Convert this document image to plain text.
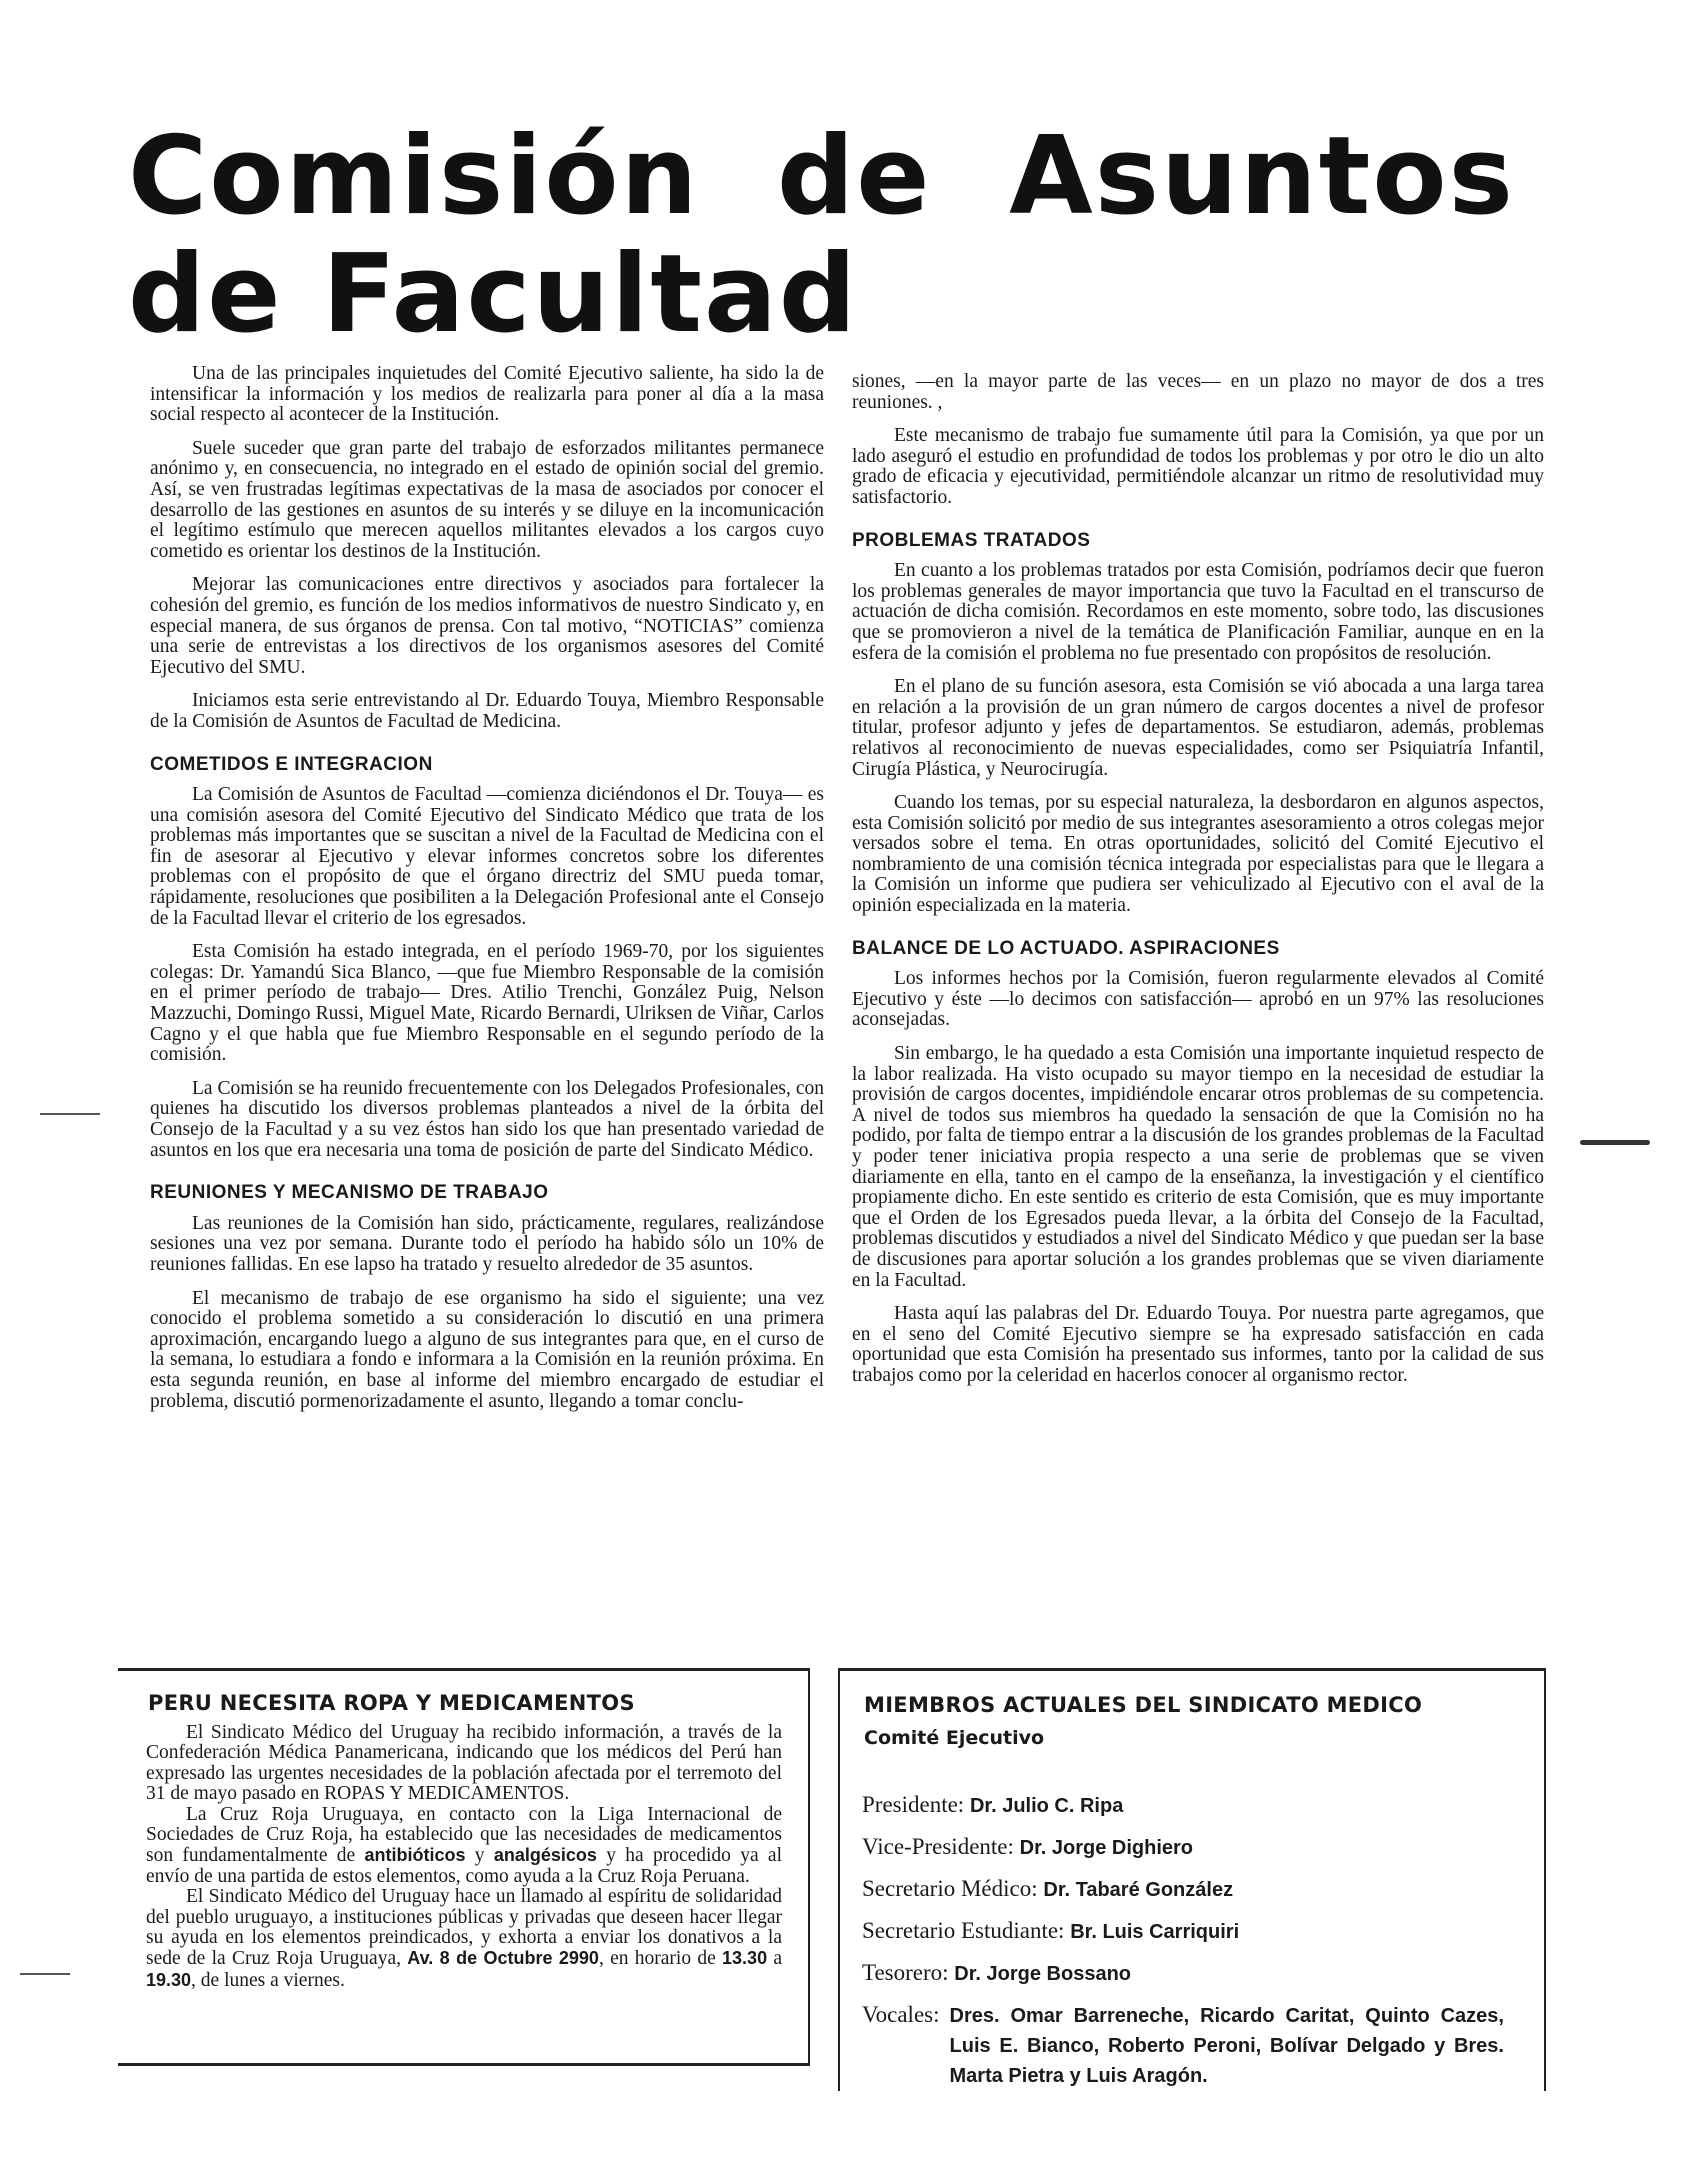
Comisión de Asuntos
de Facultad

Una de las principales inquietudes del Comité Ejecutivo saliente, ha sido la de intensificar la información y los medios de realizarla para poner al día a la masa social respecto al acontecer de la Institución.

Suele suceder que gran parte del trabajo de esforzados militantes permanece anónimo y, en consecuencia, no integrado en el estado de opinión social del gremio. Así, se ven frustradas legítimas expectativas de la masa de asociados por conocer el desarrollo de las gestiones en asuntos de su interés y se diluye en la incomunicación el legítimo estímulo que merecen aquellos militantes elevados a los cargos cuyo cometido es orientar los destinos de la Institución.

Mejorar las comunicaciones entre directivos y asociados para fortalecer la cohesión del gremio, es función de los medios informativos de nuestro Sindicato y, en especial manera, de sus órganos de prensa. Con tal motivo, “NOTICIAS” comienza una serie de entrevistas a los directivos de los organismos asesores del Comité Ejecutivo del SMU.

Iniciamos esta serie entrevistando al Dr. Eduardo Touya, Miembro Responsable de la Comisión de Asuntos de Facultad de Medicina.

COMETIDOS E INTEGRACION

La Comisión de Asuntos de Facultad —comienza diciéndonos el Dr. Touya— es una comisión asesora del Comité Ejecutivo del Sindicato Médico que trata de los problemas más importantes que se suscitan a nivel de la Facultad de Medicina con el fin de asesorar al Ejecutivo y elevar informes concretos sobre los diferentes problemas con el propósito de que el órgano directriz del SMU pueda tomar, rápidamente, resoluciones que posibiliten a la Delegación Profesional ante el Consejo de la Facultad llevar el criterio de los egresados.

Esta Comisión ha estado integrada, en el período 1969-70, por los siguientes colegas: Dr. Yamandú Sica Blanco, —que fue Miembro Responsable de la comisión en el primer período de trabajo— Dres. Atilio Trenchi, González Puig, Nelson Mazzuchi, Domingo Russi, Miguel Mate, Ricardo Bernardi, Ulriksen de Viñar, Carlos Cagno y el que habla que fue Miembro Responsable en el segundo período de la comisión.

La Comisión se ha reunido frecuentemente con los Delegados Profesionales, con quienes ha discutido los diversos problemas planteados a nivel de la órbita del Consejo de la Facultad y a su vez éstos han sido los que han presentado variedad de asuntos en los que era necesaria una toma de posición de parte del Sindicato Médico.

REUNIONES Y MECANISMO DE TRABAJO

Las reuniones de la Comisión han sido, prácticamente, regulares, realizándose sesiones una vez por semana. Durante todo el período ha habido sólo un 10% de reuniones fallidas. En ese lapso ha tratado y resuelto alrededor de 35 asuntos.

El mecanismo de trabajo de ese organismo ha sido el siguiente; una vez conocido el problema sometido a su consideración lo discutió en una primera aproximación, encargando luego a alguno de sus integrantes para que, en el curso de la semana, lo estudiara a fondo e informara a la Comisión en la reunión próxima. En esta segunda reunión, en base al informe del miembro encargado de estudiar el problema, discutió pormenorizadamente el asunto, llegando a tomar conclu-

siones, —en la mayor parte de las veces— en un plazo no mayor de dos a tres reuniones. ,

Este mecanismo de trabajo fue sumamente útil para la Comisión, ya que por un lado aseguró el estudio en profundidad de todos los problemas y por otro le dio un alto grado de eficacia y ejecutividad, permitiéndole alcanzar un ritmo de resolutividad muy satisfactorio.

PROBLEMAS TRATADOS

En cuanto a los problemas tratados por esta Comisión, podríamos decir que fueron los problemas generales de mayor importancia que tuvo la Facultad en el transcurso de actuación de dicha comisión. Recordamos en este momento, sobre todo, las discusiones que se promovieron a nivel de la temática de Planificación Familiar, aunque en en la esfera de la comisión el problema no fue presentado con propósitos de resolución.

En el plano de su función asesora, esta Comisión se vió abocada a una larga tarea en relación a la provisión de un gran número de cargos docentes a nivel de profesor titular, profesor adjunto y jefes de departamentos. Se estudiaron, además, problemas relativos al reconocimiento de nuevas especialidades, como ser Psiquiatría Infantil, Cirugía Plástica, y Neurocirugía.

Cuando los temas, por su especial naturaleza, la desbordaron en algunos aspectos, esta Comisión solicitó por medio de sus integrantes asesoramiento a otros colegas mejor versados sobre el tema. En otras oportunidades, solicitó del Comité Ejecutivo el nombramiento de una comisión técnica integrada por especialistas para que le llegara a la Comisión un informe que pudiera ser vehiculizado al Ejecutivo con el aval de la opinión especializada en la materia.

BALANCE DE LO ACTUADO. ASPIRACIONES

Los informes hechos por la Comisión, fueron regularmente elevados al Comité Ejecutivo y éste —lo decimos con satisfacción— aprobó en un 97% las resoluciones aconsejadas.

Sin embargo, le ha quedado a esta Comisión una importante inquietud respecto de la labor realizada. Ha visto ocupado su mayor tiempo en la necesidad de estudiar la provisión de cargos docentes, impidiéndole encarar otros problemas de su competencia. A nivel de todos sus miembros ha quedado la sensación de que la Comisión no ha podido, por falta de tiempo entrar a la discusión de los grandes problemas de la Facultad y poder tener iniciativa propia respecto a una serie de problemas que se viven diariamente en ella, tanto en el campo de la enseñanza, la investigación y el científico propiamente dicho. En este sentido es criterio de esta Comisión, que es muy importante que el Orden de los Egresados pueda llevar, a la órbita del Consejo de la Facultad, problemas discutidos y estudiados a nivel del Sindicato Médico y que puedan ser la base de discusiones para aportar solución a los grandes problemas que se viven diariamente en la Facultad.

Hasta aquí las palabras del Dr. Eduardo Touya. Por nuestra parte agregamos, que en el seno del Comité Ejecutivo siempre se ha expresado satisfacción en cada oportunidad que esta Comisión ha presentado sus informes, tanto por la calidad de sus trabajos como por la celeridad en hacerlos conocer al organismo rector.

PERU NECESITA ROPA Y MEDICAMENTOS

El Sindicato Médico del Uruguay ha recibido información, a través de la Confederación Médica Panamericana, indicando que los médicos del Perú han expresado las urgentes necesidades de la población afectada por el terremoto del 31 de mayo pasado en ROPAS Y MEDICAMENTOS.

La Cruz Roja Uruguaya, en contacto con la Liga Internacional de Sociedades de Cruz Roja, ha establecido que las necesidades de medicamentos son fundamentalmente de antibióticos y analgésicos y ha procedido ya al envío de una partida de estos elementos, como ayuda a la Cruz Roja Peruana.

El Sindicato Médico del Uruguay hace un llamado al espíritu de solidaridad del pueblo uruguayo, a instituciones públicas y privadas que deseen hacer llegar su ayuda en los elementos preindicados, y exhorta a enviar los donativos a la sede de la Cruz Roja Uruguaya, Av. 8 de Octubre 2990, en horario de 13.30 a 19.30, de lunes a viernes.

MIEMBROS ACTUALES DEL SINDICATO MEDICO
Comité Ejecutivo
Presidente: Dr. Julio C. Ripa
Vice-Presidente: Dr. Jorge Dighiero
Secretario Médico: Dr. Tabaré González
Secretario Estudiante: Br. Luis Carriquiri
Tesorero: Dr. Jorge Bossano
Vocales: Dres. Omar Barreneche, Ricardo Caritat, Quinto Cazes, Luis E. Bianco, Roberto Peroni, Bolívar Delgado y Bres. Marta Pietra y Luis Aragón.
